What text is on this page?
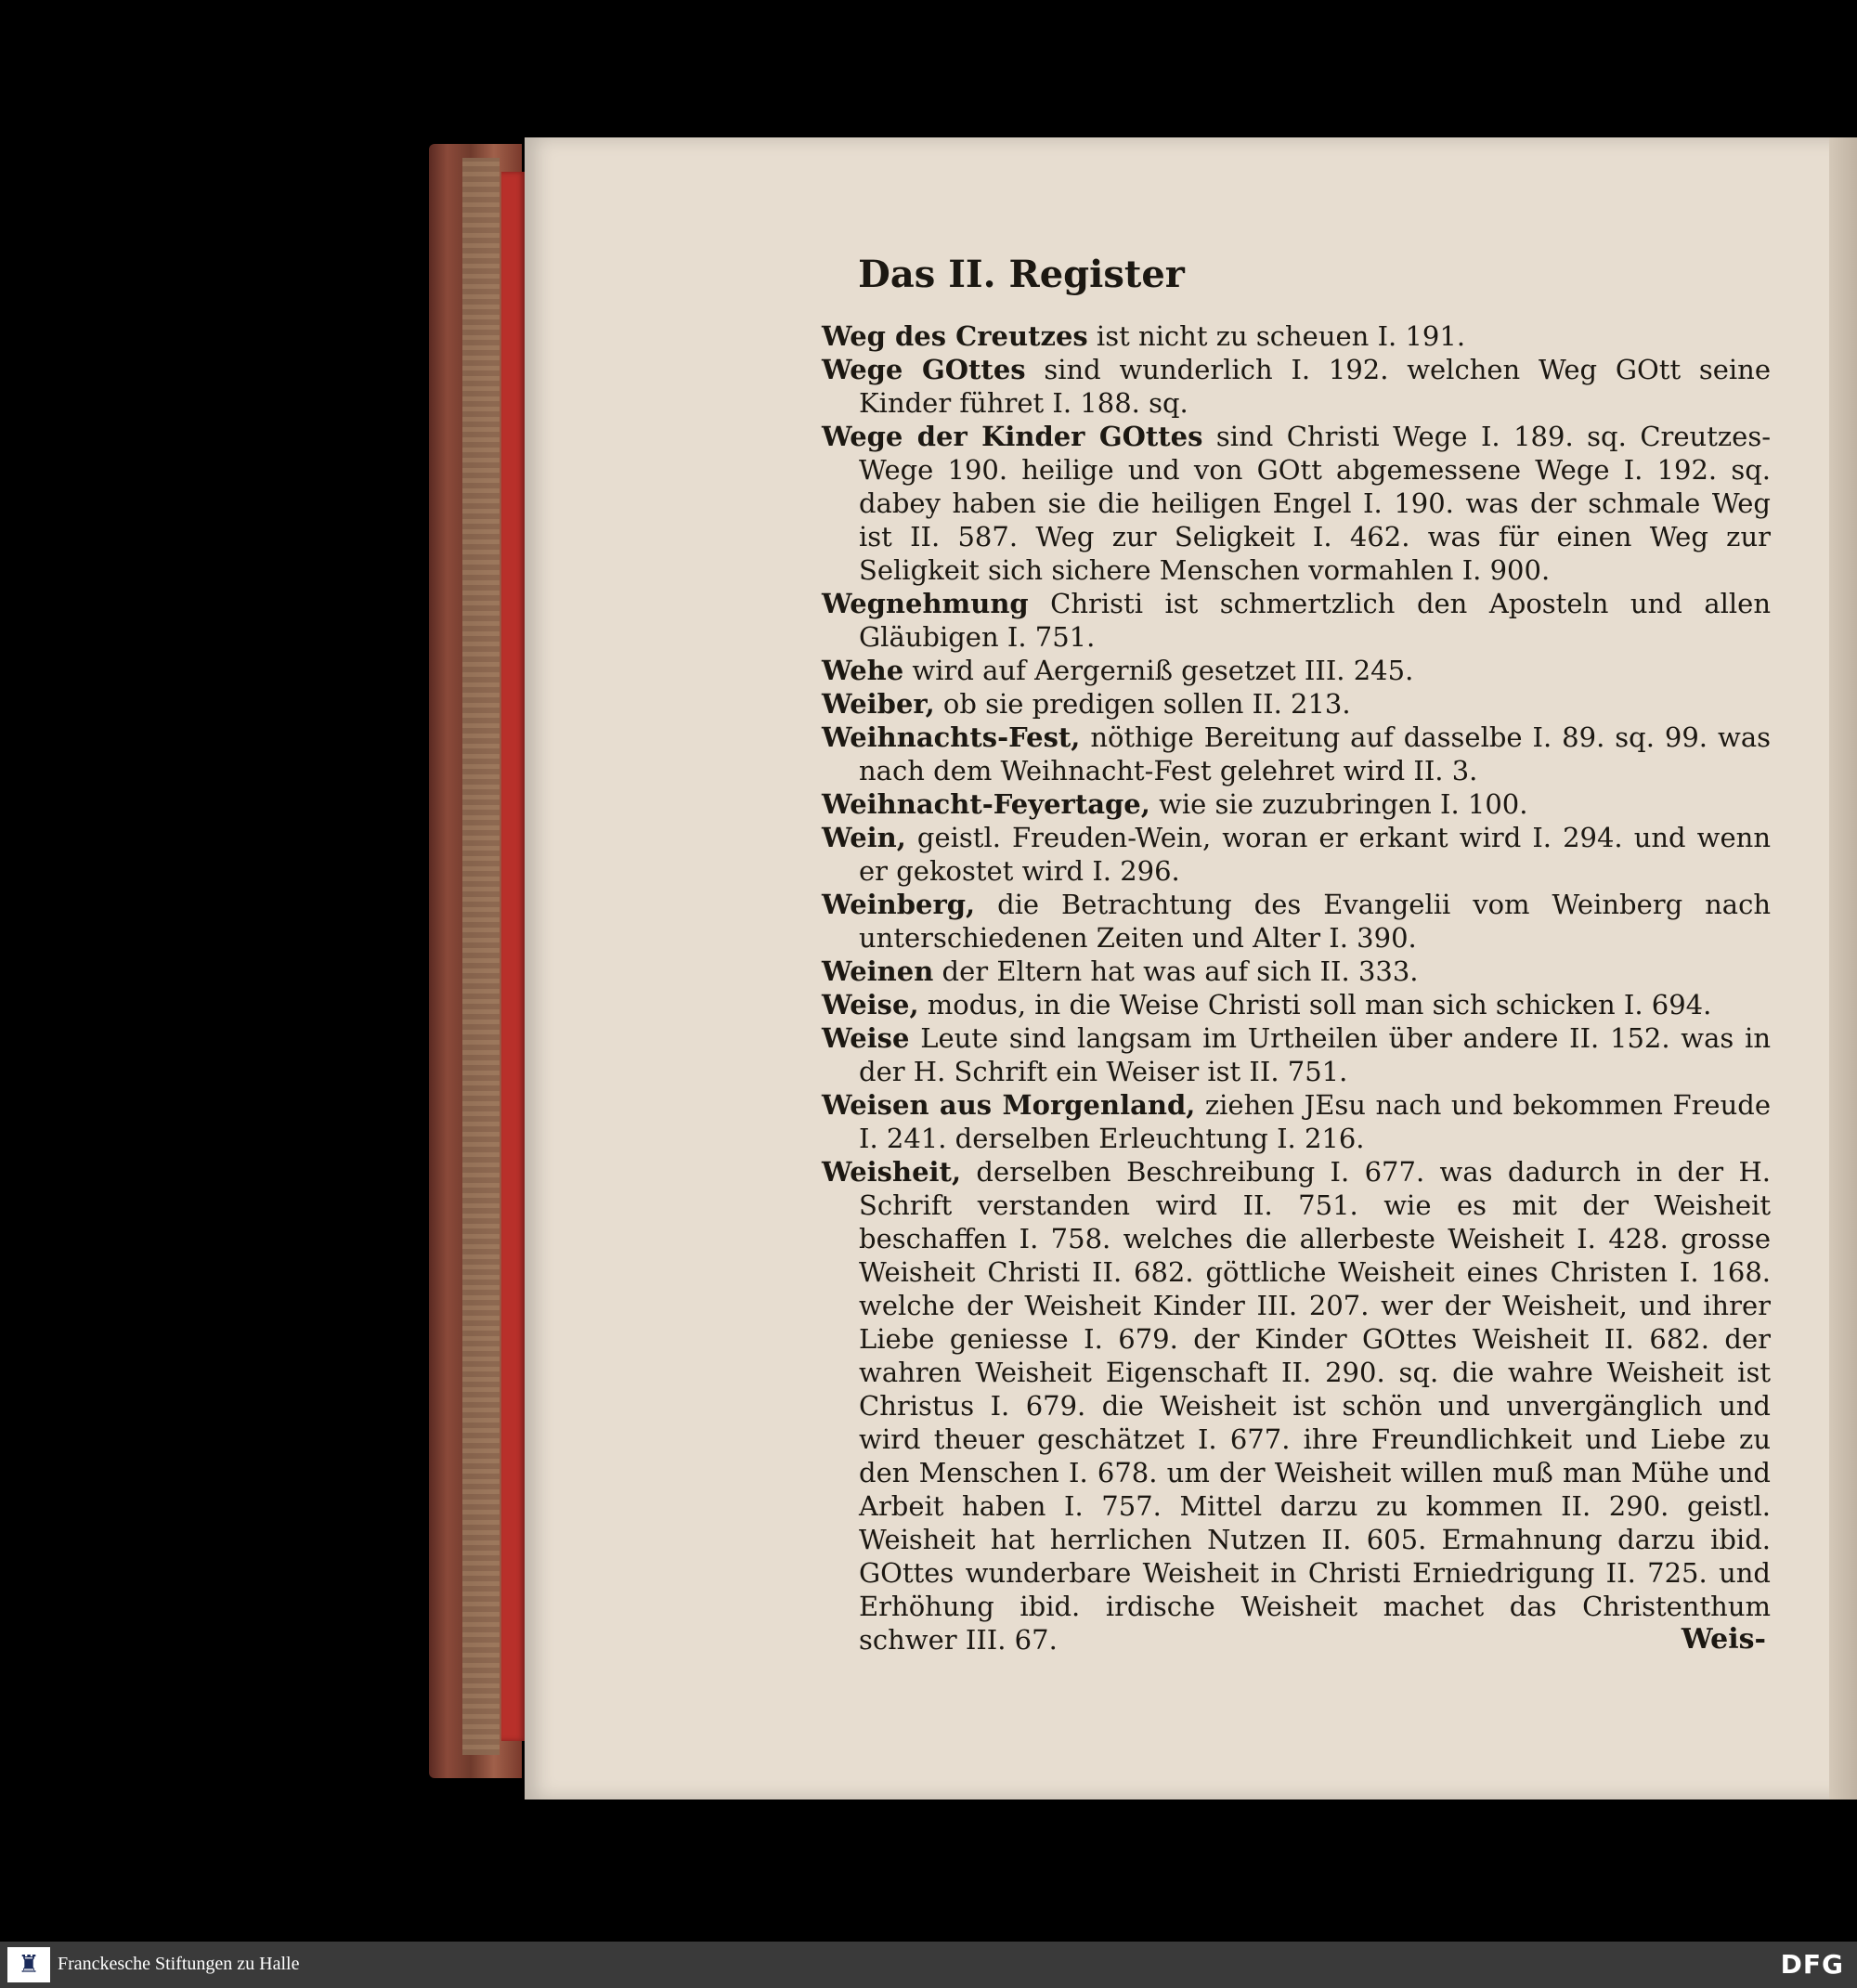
Das II. Register

Weg des Creutzes ist nicht zu scheuen I. 191.

Wege GOttes sind wunderlich I. 192. welchen Weg GOtt seine Kinder führet I. 188. sq.

Wege der Kinder GOttes sind Christi Wege I. 189. sq. Creutzes-Wege 190. heilige und von GOtt abgemessene Wege I. 192. sq. dabey haben sie die heiligen Engel I. 190. was der schmale Weg ist II. 587. Weg zur Seligkeit I. 462. was für einen Weg zur Seligkeit sich sichere Menschen vormahlen I. 900.

Wegnehmung Christi ist schmertzlich den Aposteln und allen Gläubigen I. 751.

Wehe wird auf Aergerniß gesetzet III. 245.

Weiber, ob sie predigen sollen II. 213.

Weihnachts-Fest, nöthige Bereitung auf dasselbe I. 89. sq. 99. was nach dem Weihnacht-Fest gelehret wird II. 3.

Weihnacht-Feyertage, wie sie zuzubringen I. 100.

Wein, geistl. Freuden-Wein, woran er erkant wird I. 294. und wenn er gekostet wird I. 296.

Weinberg, die Betrachtung des Evangelii vom Weinberg nach unterschiedenen Zeiten und Alter I. 390.

Weinen der Eltern hat was auf sich II. 333.

Weise, modus, in die Weise Christi soll man sich schicken I. 694.

Weise Leute sind langsam im Urtheilen über andere II. 152. was in der H. Schrift ein Weiser ist II. 751.

Weisen aus Morgenland, ziehen JEsu nach und bekommen Freude I. 241. derselben Erleuchtung I. 216.

Weisheit, derselben Beschreibung I. 677. was dadurch in der H. Schrift verstanden wird II. 751. wie es mit der Weisheit beschaffen I. 758. welches die allerbeste Weisheit I. 428. grosse Weisheit Christi II. 682. göttliche Weisheit eines Christen I. 168. welche der Weisheit Kinder III. 207. wer der Weisheit, und ihrer Liebe geniesse I. 679. der Kinder GOttes Weisheit II. 682. der wahren Weisheit Eigenschaft II. 290. sq. die wahre Weisheit ist Christus I. 679. die Weisheit ist schön und unvergänglich und wird theuer geschätzet I. 677. ihre Freundlichkeit und Liebe zu den Menschen I. 678. um der Weisheit willen muß man Mühe und Arbeit haben I. 757. Mittel darzu zu kommen II. 290. geistl. Weisheit hat herrlichen Nutzen II. 605. Ermahnung darzu ibid. GOttes wunderbare Weisheit in Christi Erniedrigung II. 725. und Erhöhung ibid. irdische Weisheit machet das Christenthum schwer III. 67.	Weis-
♜ Franckesche Stiftungen zu Halle	DFG
